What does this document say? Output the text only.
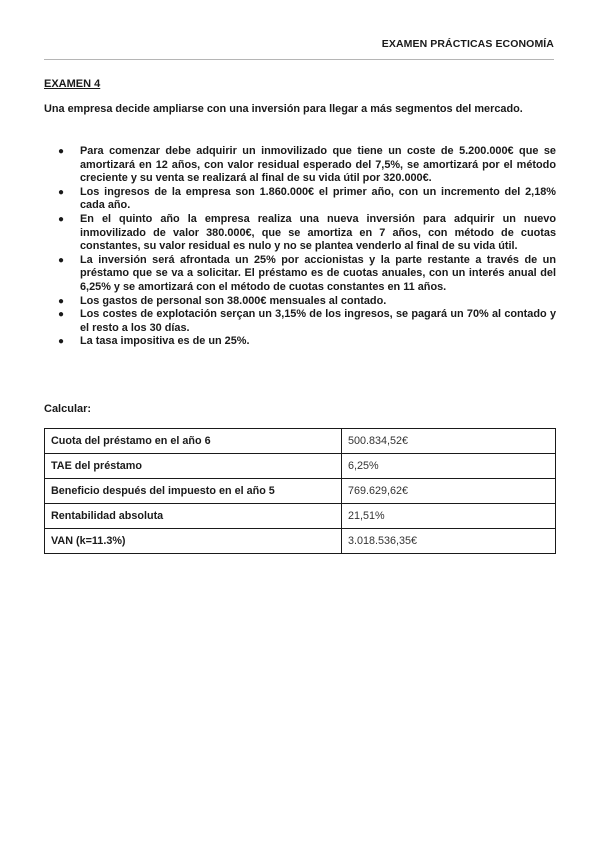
EXAMEN PRÁCTICAS ECONOMÍA
EXAMEN 4
Una empresa decide ampliarse con una inversión para llegar a más segmentos del mercado.
● Para comenzar debe adquirir un inmovilizado que tiene un coste de 5.200.000€ que se amortizará en 12 años, con valor residual esperado del 7,5%, se amortizará por el método creciente y su venta se realizará al final de su vida útil por 320.000€.
● Los ingresos de la empresa son 1.860.000€ el primer año, con un incremento del 2,18% cada año.
● En el quinto año la empresa realiza una nueva inversión para adquirir un nuevo inmovilizado de valor 380.000€, que se amortiza en 7 años, con método de cuotas constantes, su valor residual es nulo y no se plantea venderlo al final de su vida útil.
● La inversión será afrontada un 25% por accionistas y la parte restante a través de un préstamo que se va a solicitar. El préstamo es de cuotas anuales, con un interés anual del 6,25% y se amortizará con el método de cuotas constantes en 11 años.
● Los gastos de personal son 38.000€ mensuales al contado.
● Los costes de explotación serçan un 3,15% de los ingresos, se pagará un 70% al contado y el resto a los 30 días.
● La tasa impositiva es de un 25%.
Calcular:
Cuota del préstamo en el año 6	500.834,52€
TAE del préstamo	6,25%
Beneficio después del impuesto en el año 5	769.629,62€
Rentabilidad absoluta	21,51%
VAN (k=11.3%)	3.018.536,35€
